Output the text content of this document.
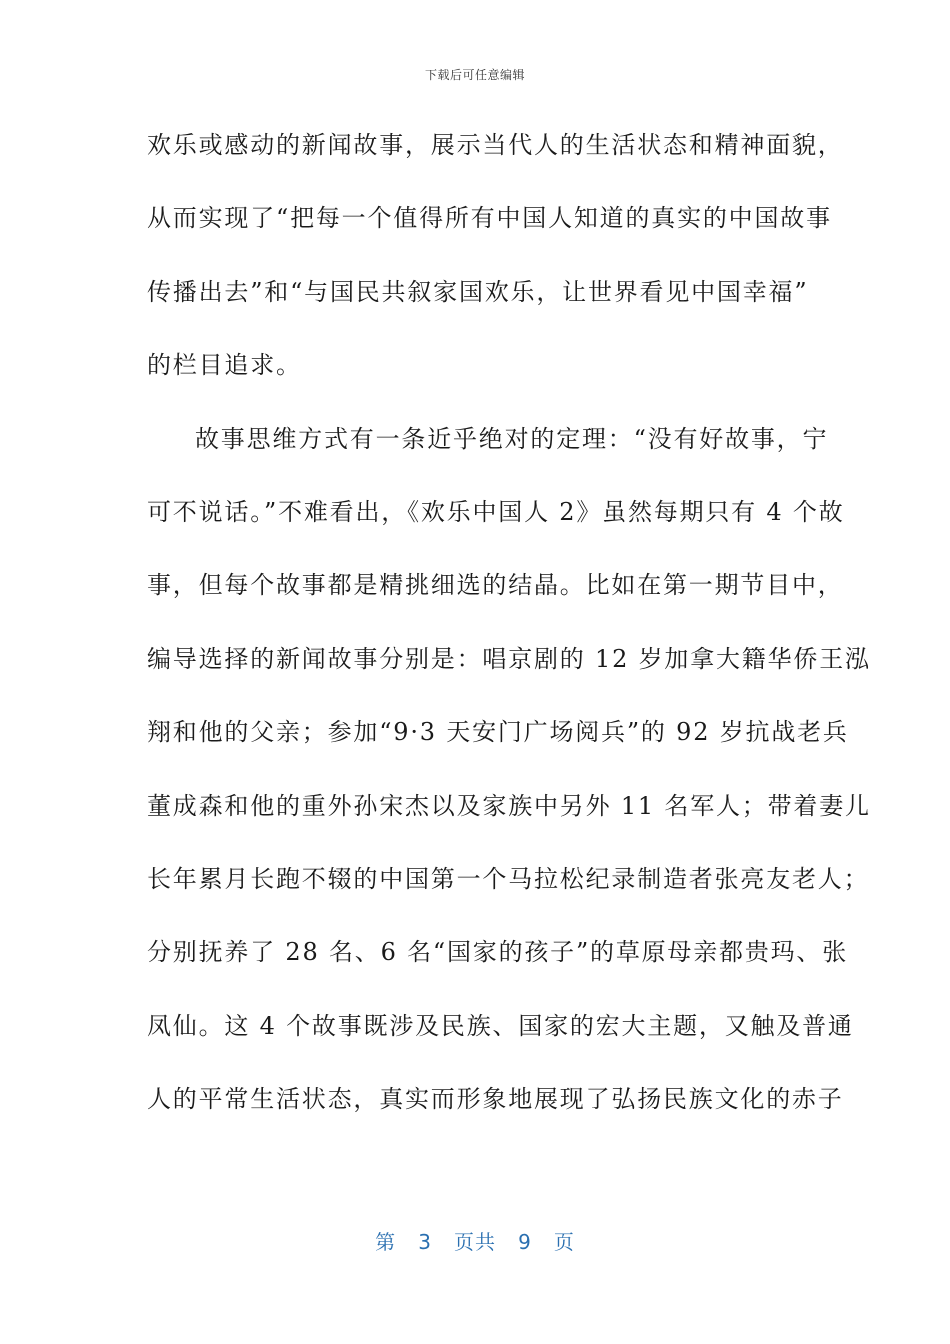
下载后可任意编辑
欢乐或感动的新闻故事，展示当代人的生活状态和精神面貌，
从而实现了“把每一个值得所有中国人知道的真实的中国故事
传播出去”和“与国民共叙家国欢乐，让世界看见中国幸福”
的栏目追求。
故事思维方式有一条近乎绝对的定理：“没有好故事，宁
可不说话。”不难看出，《欢乐中国人 2》虽然每期只有 4 个故
事，但每个故事都是精挑细选的结晶。比如在第一期节目中，
编导选择的新闻故事分别是：唱京剧的 12 岁加拿大籍华侨王泓
翔和他的父亲；参加“9·3 天安门广场阅兵”的 92 岁抗战老兵
董成森和他的重外孙宋杰以及家族中另外 11 名军人；带着妻儿
长年累月长跑不辍的中国第一个马拉松纪录制造者张亮友老人；
分别抚养了 28 名、6 名“国家的孩子”的草原母亲都贵玛、张
凤仙。这 4 个故事既涉及民族、国家的宏大主题，又触及普通
人的平常生活状态，真实而形象地展现了弘扬民族文化的赤子
第 3 页共 9 页
